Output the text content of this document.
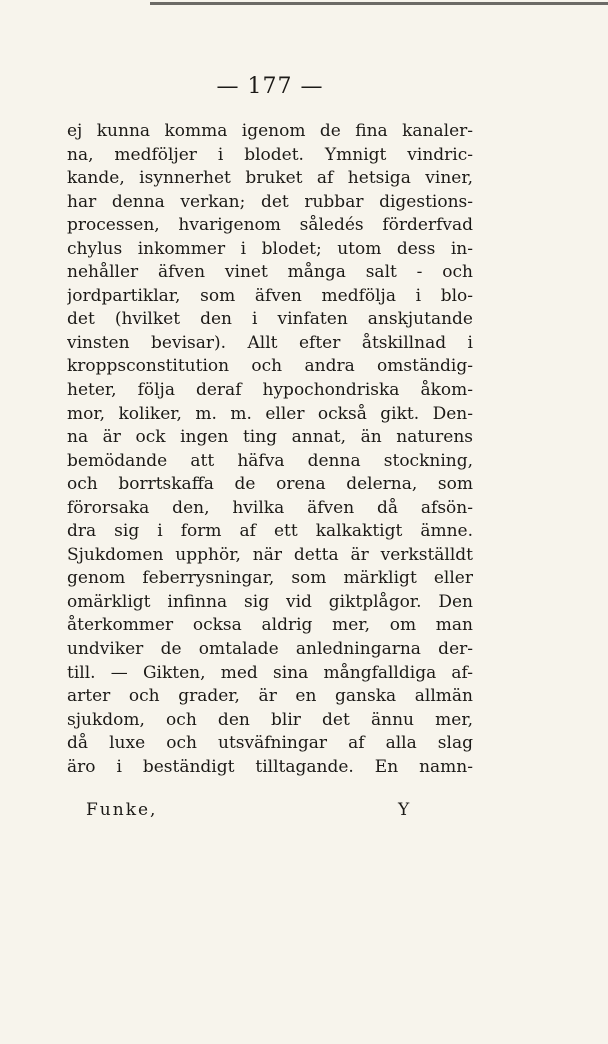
— 177 —
ej kunna komma igenom de fina kanaler-
na, medföljer i blodet. Ymnigt vindric-
kande, isynnerhet bruket af hetsiga viner,
har denna verkan; det rubbar digestions-
processen, hvarigenom såledés förderfvad
chylus inkommer i blodet; utom dess in-
nehåller äfven vinet många salt - och
jordpartiklar, som äfven medfölja i blo-
det (hvilket den i vinfaten anskjutande
vinsten bevisar). Allt efter åtskillnad i
kroppsconstitution och andra omständig-
heter, följa deraf hypochondriska åkom-
mor, koliker, m. m. eller också gikt. Den-
na är ock ingen ting annat, än naturens
bemödande att häfva denna stockning,
och borrtskaffa de orena delerna, som
förorsaka den, hvilka äfven då afsön-
dra sig i form af ett kalkaktigt ämne.
Sjukdomen upphör, när detta är verkställdt
genom feberrysningar, som märkligt eller
omärkligt infinna sig vid giktplågor. Den
återkommer ocksa aldrig mer, om man
undviker de omtalade anledningarna der-
till. — Gikten, med sina mångfalldiga af-
arter och grader, är en ganska allmän
sjukdom, och den blir det ännu mer,
då luxe och utsväfningar af alla slag
äro i beständigt tilltagande. En namn-
Funke,	Y
